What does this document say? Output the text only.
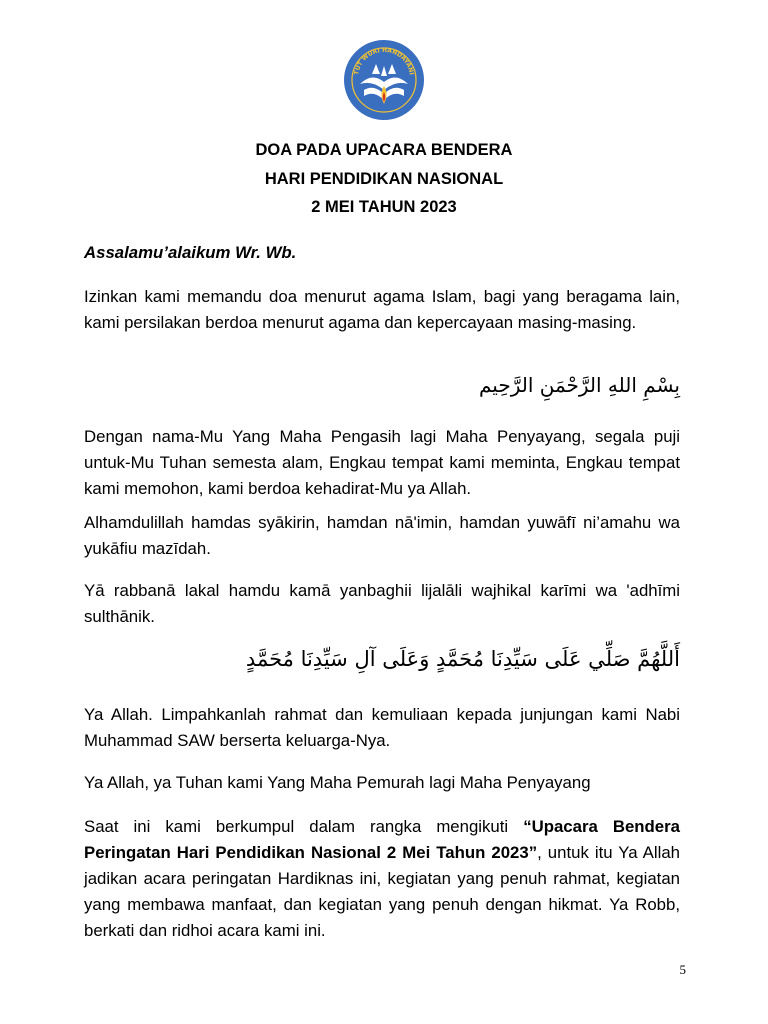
TUT WURI HANDAYANI
DOA PADA UPACARA BENDERA
HARI PENDIDIKAN NASIONAL
2 MEI TAHUN 2023
Assalamu’alaikum Wr. Wb.
Izinkan kami memandu doa menurut agama Islam, bagi yang beragama lain, kami persilakan berdoa menurut agama dan kepercayaan masing-masing.
بِسْمِ اللهِ الرَّحْمَنِ الرَّحِيم
Dengan nama-Mu Yang Maha Pengasih lagi Maha Penyayang, segala puji untuk-Mu Tuhan semesta alam, Engkau tempat kami meminta, Engkau tempat kami memohon, kami berdoa kehadirat-Mu ya Allah.
Alhamdulillah hamdas syākirin, hamdan nā'imin, hamdan yuwāfī ni’amahu wa yukāfiu mazīdah.
Yā rabbanā lakal hamdu kamā yanbaghii lijalāli wajhikal karīmi wa 'adhīmi sulthānik.
أَللَّهُمَّ صَلِّي عَلَى سَيِّدِنَا مُحَمَّدٍ وَعَلَى آلِ سَيِّدِنَا مُحَمَّدٍ
Ya Allah. Limpahkanlah rahmat dan kemuliaan kepada junjungan kami Nabi Muhammad SAW berserta keluarga-Nya.
Ya Allah, ya Tuhan kami Yang Maha Pemurah lagi Maha Penyayang
Saat ini kami berkumpul dalam rangka mengikuti “Upacara Bendera Peringatan Hari Pendidikan Nasional 2 Mei Tahun 2023”, untuk itu Ya Allah jadikan acara peringatan Hardiknas ini, kegiatan yang penuh rahmat, kegiatan yang membawa manfaat, dan kegiatan yang penuh dengan hikmat. Ya Robb, berkati dan ridhoi acara kami ini.
5
